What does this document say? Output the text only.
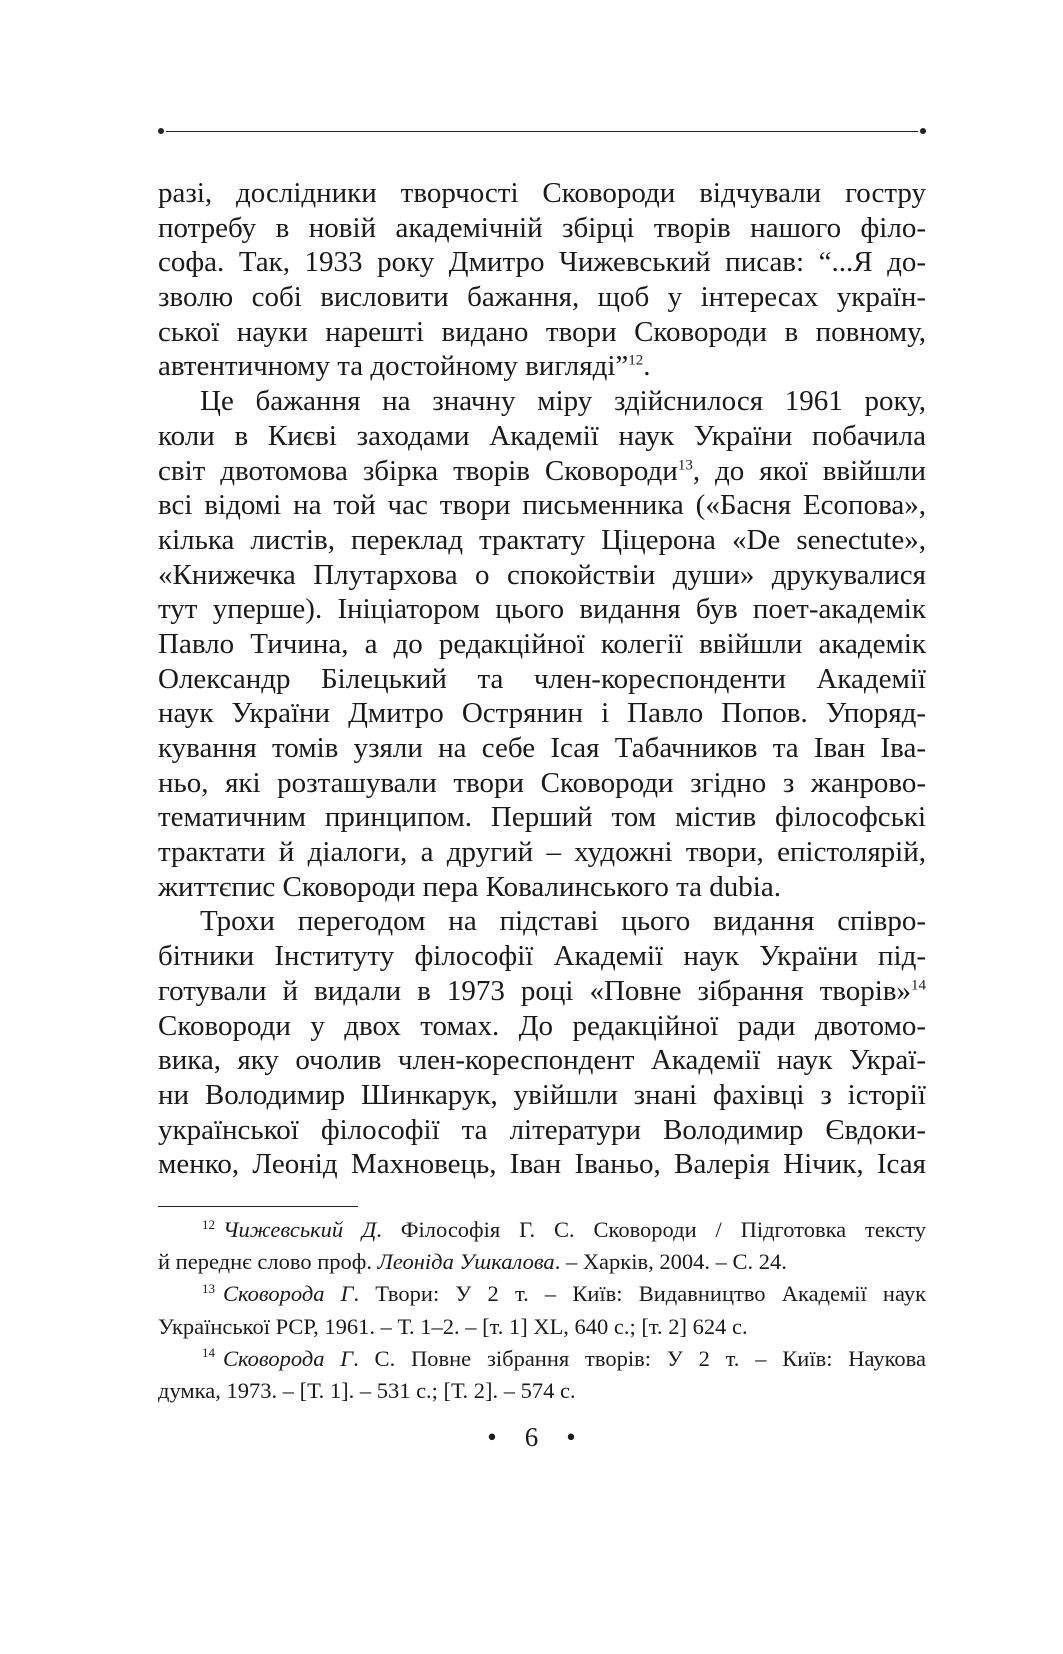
разі, дослідники творчості Сковороди відчували гостру
потребу в новій академічній збірці творів нашого філо-
софа. Так, 1933 року Дмитро Чижевський писав: “...Я до-
зволю собі висловити бажання, щоб у інтересах україн-
ської науки нарешті видано твори Сковороди в повному,
автентичному та достойному вигляді”$^{12}$.
Це бажання на значну міру здійснилося 1961 року,
коли в Києві заходами Академії наук України побачила
світ двотомова збірка творів Сковороди$^{13}$, до якої ввійшли
всі відомі на той час твори письменника («Басня Есопова»,
кілька листів, переклад трактату Ціцерона «De senectute»,
«Книжечка Плутархова о спокойствіи души» друкувалися
тут уперше). Ініціатором цього видання був поет-академік
Павло Тичина, а до редакційної колегії ввійшли академік
Олександр Білецький та член-кореспонденти Академії
наук України Дмитро Острянин і Павло Попов. Упоряд-
кування томів узяли на себе Ісая Табачников та Іван Іва-
ньо, які розташували твори Сковороди згідно з жанрово-
тематичним принципом. Перший том містив філософські
трактати й діалоги, а другий – художні твори, епістолярій,
життєпис Сковороди пера Ковалинського та dubia.
Трохи перегодом на підставі цього видання співро-
бітники Інституту філософії Академії наук України під-
готували й видали в 1973 році «Повне зібрання творів»$^{14}$
Сковороди у двох томах. До редакційної ради двотомо-
вика, яку очолив член-кореспондент Академії наук Украї-
ни Володимир Шинкарук, увійшли знані фахівці з історії
української філософії та літератури Володимир Євдоки-
менко, Леонід Махновець, Іван Іваньо, Валерія Нічик, Ісая
$^{12}$ Чижевський Д. Філософія Г. С. Сковороди / Підготовка тексту
й переднє слово проф. Леоніда Ушкалова. – Харків, 2004. – С. 24.
$^{13}$ Сковорода Г. Твори: У 2 т. – Київ: Видавництво Академії наук
Української РСР, 1961. – Т. 1–2. – [т. 1] XL, 640 с.; [т. 2] 624 с.
$^{14}$ Сковорода Г. С. Повне зібрання творів: У 2 т. – Київ: Наукова
думка, 1973. – [Т. 1]. – 531 с.; [Т. 2]. – 574 с.
• 6 •
